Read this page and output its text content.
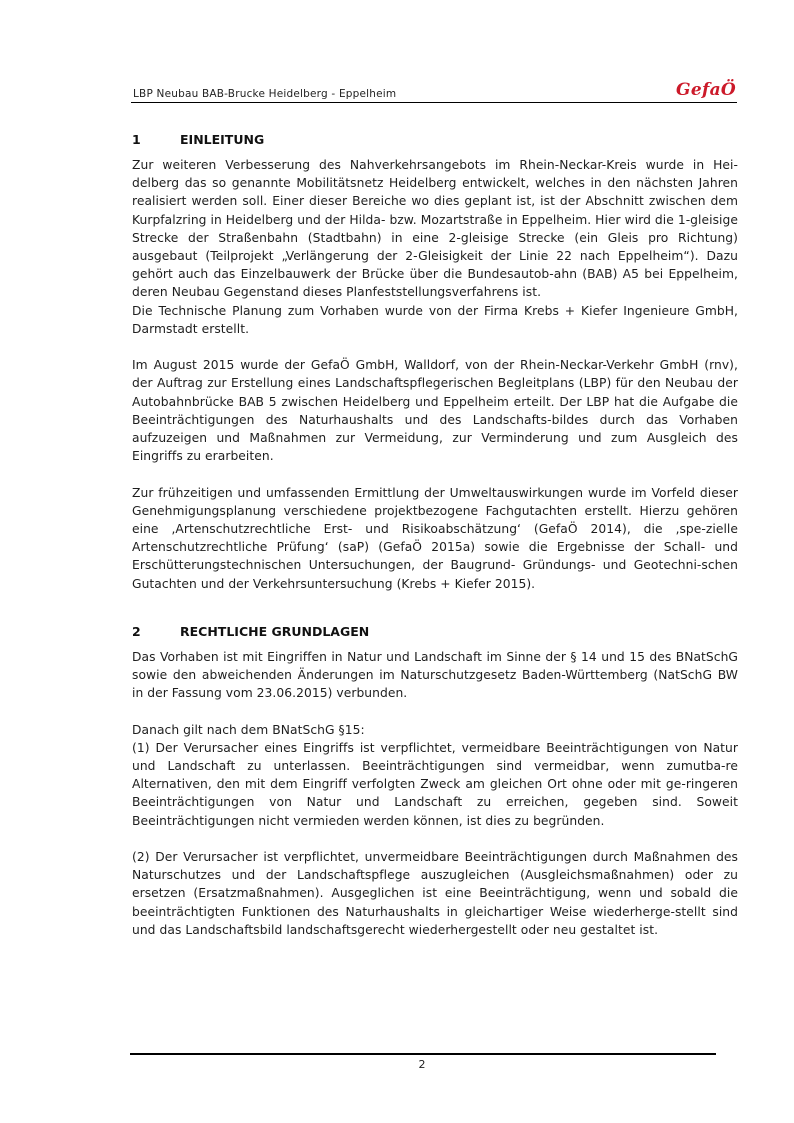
LBP Neubau BAB-Brucke Heidelberg - Eppelheim	GefaÖ
1	EINLEITUNG

Zur weiteren Verbesserung des Nahverkehrsangebots im Rhein-Neckar-Kreis wurde in Hei-delberg das so genannte Mobilitätsnetz Heidelberg entwickelt, welches in den nächsten Jahren realisiert werden soll. Einer dieser Bereiche wo dies geplant ist, ist der Abschnitt zwischen dem Kurpfalzring in Heidelberg und der Hilda- bzw. Mozartstraße in Eppelheim. Hier wird die 1-gleisige Strecke der Straßenbahn (Stadtbahn) in eine 2-gleisige Strecke (ein Gleis pro Richtung) ausgebaut (Teilprojekt „Verlängerung der 2-Gleisigkeit der Linie 22 nach Eppelheim“). Dazu gehört auch das Einzelbauwerk der Brücke über die Bundesautob-ahn (BAB) A5 bei Eppelheim, deren Neubau Gegenstand dieses Planfeststellungsverfahrens ist.

Die Technische Planung zum Vorhaben wurde von der Firma Krebs + Kiefer Ingenieure GmbH, Darmstadt erstellt.

Im August 2015 wurde der GefaÖ GmbH, Walldorf, von der Rhein-Neckar-Verkehr GmbH (rnv), der Auftrag zur Erstellung eines Landschaftspflegerischen Begleitplans (LBP) für den Neubau der Autobahnbrücke BAB 5 zwischen Heidelberg und Eppelheim erteilt. Der LBP hat die Aufgabe die Beeinträchtigungen des Naturhaushalts und des Landschafts-bildes durch das Vorhaben aufzuzeigen und Maßnahmen zur Vermeidung, zur Verminderung und zum Ausgleich des Eingriffs zu erarbeiten.

Zur frühzeitigen und umfassenden Ermittlung der Umweltauswirkungen wurde im Vorfeld dieser Genehmigungsplanung verschiedene projektbezogene Fachgutachten erstellt. Hierzu gehören eine ‚Artenschutzrechtliche Erst- und Risikoabschätzung‘ (GefaÖ 2014), die ‚spe-zielle Artenschutzrechtliche Prüfung‘ (saP) (GefaÖ 2015a) sowie die Ergebnisse der Schall- und Erschütterungstechnischen Untersuchungen, der Baugrund- Gründungs- und Geotechni-schen Gutachten und der Verkehrsuntersuchung (Krebs + Kiefer 2015).

2	RECHTLICHE GRUNDLAGEN

Das Vorhaben ist mit Eingriffen in Natur und Landschaft im Sinne der § 14 und 15 des BNatSchG sowie den abweichenden Änderungen im Naturschutzgesetz Baden-Württemberg (NatSchG BW in der Fassung vom 23.06.2015) verbunden.

Danach gilt nach dem BNatSchG §15:

(1) Der Verursacher eines Eingriffs ist verpflichtet, vermeidbare Beeinträchtigungen von Natur und Landschaft zu unterlassen. Beeinträchtigungen sind vermeidbar, wenn zumutba-re Alternativen, den mit dem Eingriff verfolgten Zweck am gleichen Ort ohne oder mit ge-ringeren Beeinträchtigungen von Natur und Landschaft zu erreichen, gegeben sind. Soweit Beeinträchtigungen nicht vermieden werden können, ist dies zu begründen.

(2) Der Verursacher ist verpflichtet, unvermeidbare Beeinträchtigungen durch Maßnahmen des Naturschutzes und der Landschaftspflege auszugleichen (Ausgleichsmaßnahmen) oder zu ersetzen (Ersatzmaßnahmen). Ausgeglichen ist eine Beeinträchtigung, wenn und sobald die beeinträchtigten Funktionen des Naturhaushalts in gleichartiger Weise wiederherge-stellt sind und das Landschaftsbild landschaftsgerecht wiederhergestellt oder neu gestaltet ist.

2
